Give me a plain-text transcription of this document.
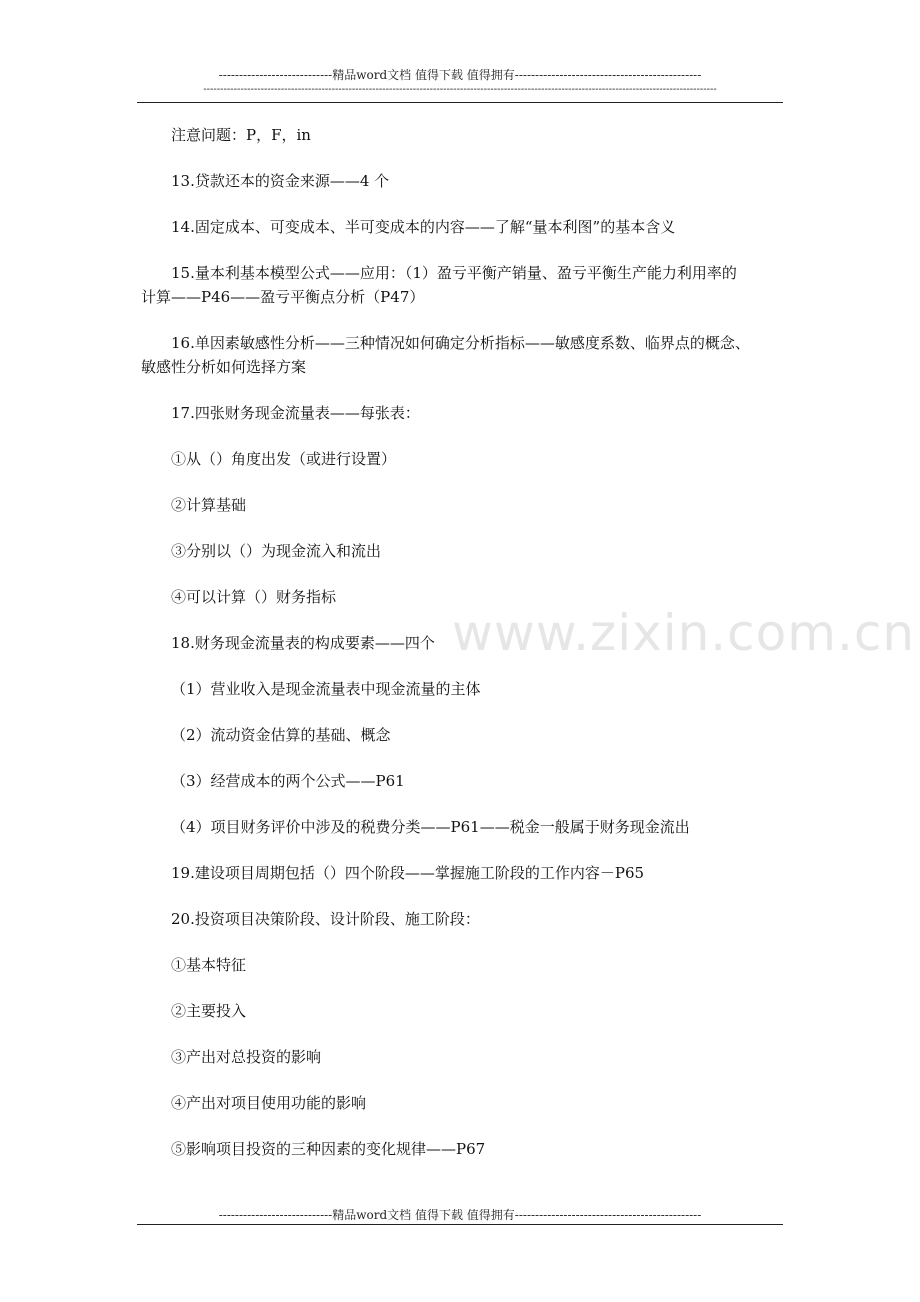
----------------------------精品word文档 值得下载 值得拥有----------------------------------------------
--------------------------------------------------------------------------------------------------------------------------------------------------------
www.zixin.com.cn
注意问题：P，F，in
13.贷款还本的资金来源——4 个
14.固定成本、可变成本、半可变成本的内容——了解“量本利图”的基本含义
15.量本利基本模型公式——应用：（1）盈亏平衡产销量、盈亏平衡生产能力利用率的
计算——P46——盈亏平衡点分析（P47）
16.单因素敏感性分析——三种情况如何确定分析指标——敏感度系数、临界点的概念、
敏感性分析如何选择方案
17.四张财务现金流量表——每张表：
①从（）角度出发（或进行设置）
②计算基础
③分别以（）为现金流入和流出
④可以计算（）财务指标
18.财务现金流量表的构成要素——四个
（1）营业收入是现金流量表中现金流量的主体
（2）流动资金估算的基础、概念
（3）经营成本的两个公式——P61
（4）项目财务评价中涉及的税费分类——P61——税金一般属于财务现金流出
19.建设项目周期包括（）四个阶段——掌握施工阶段的工作内容－P65
20.投资项目决策阶段、设计阶段、施工阶段：
①基本特征
②主要投入
③产出对总投资的影响
④产出对项目使用功能的影响
⑤影响项目投资的三种因素的变化规律——P67
----------------------------精品word文档 值得下载 值得拥有----------------------------------------------
